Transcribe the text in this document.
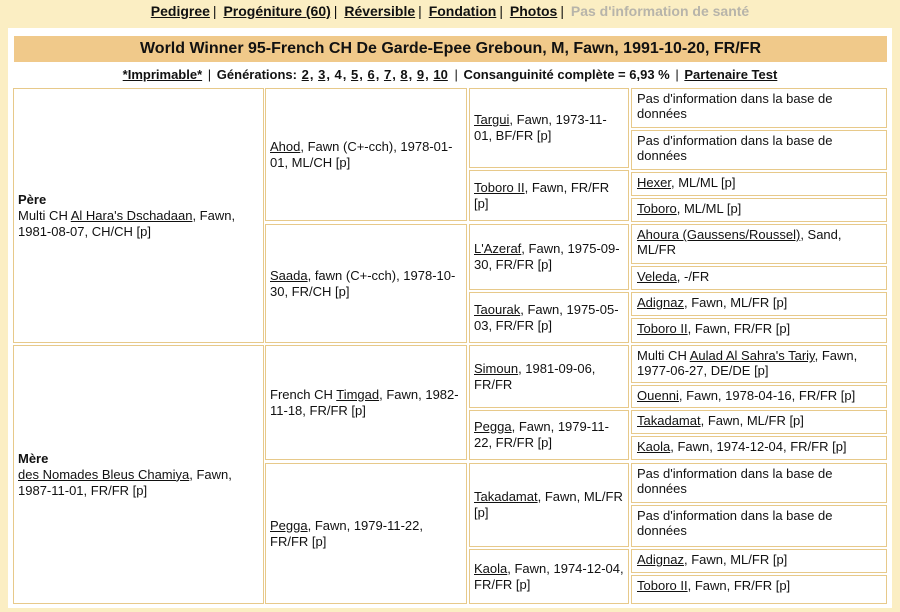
Pedigree | Progéniture (60) | Réversible | Fondation | Photos | Pas d'information de santé
World Winner 95-French CH De Garde-Epee Greboun, M, Fawn, 1991-10-20, FR/FR
*Imprimable* | Générations: 2, 3, 4, 5, 6, 7, 8, 9, 10 | Consanguinité complète = 6,93 % | Partenaire Test
Père
Multi CH Al Hara's Dschadaan, Fawn, 1981-08-07, CH/CH [p]
Mère
des Nomades Bleus Chamiya, Fawn, 1987-11-01, FR/FR [p]
Ahod, Fawn (C+-cch), 1978-01-01, ML/CH [p]
Saada, fawn (C+-cch), 1978-10-30, FR/CH [p]
French CH Timgad, Fawn, 1982-11-18, FR/FR [p]
Pegga, Fawn, 1979-11-22, FR/FR [p]
Targui, Fawn, 1973-11-01, BF/FR [p]
Toboro II, Fawn, FR/FR [p]
L'Azeraf, Fawn, 1975-09-30, FR/FR [p]
Taourak, Fawn, 1975-05-03, FR/FR [p]
Simoun, 1981-09-06, FR/FR
Pegga, Fawn, 1979-11-22, FR/FR [p]
Takadamat, Fawn, ML/FR [p]
Kaola, Fawn, 1974-12-04, FR/FR [p]
Pas d'information dans la base de données
Pas d'information dans la base de données
Hexer, ML/ML [p]
Toboro, ML/ML [p]
Ahoura (Gaussens/Roussel), Sand, ML/FR
Veleda, -/FR
Adignaz, Fawn, ML/FR [p]
Toboro II, Fawn, FR/FR [p]
Multi CH Aulad Al Sahra's Tariy, Fawn, 1977-06-27, DE/DE [p]
Ouenni, Fawn, 1978-04-16, FR/FR [p]
Takadamat, Fawn, ML/FR [p]
Kaola, Fawn, 1974-12-04, FR/FR [p]
Pas d'information dans la base de données
Pas d'information dans la base de données
Adignaz, Fawn, ML/FR [p]
Toboro II, Fawn, FR/FR [p]
